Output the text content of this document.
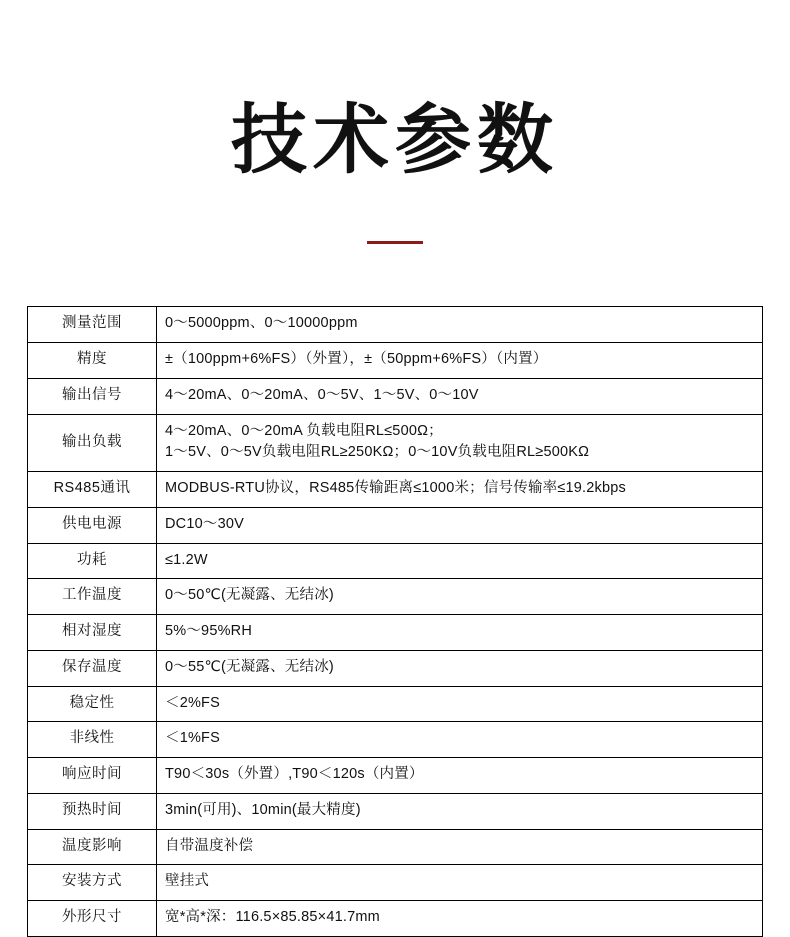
技术参数
测量范围	0～5000ppm、0～10000ppm

精度	±（100ppm+6%FS）（外置），±（50ppm+6%FS）（内置）

输出信号	4～20mA、0～20mA、0～5V、1～5V、0～10V

输出负载	4～20mA、0～20mA 负载电阻RL≤500Ω；
1～5V、0～5V负载电阻RL≥250KΩ；0～10V负载电阻RL≥500KΩ

RS485通讯	MODBUS-RTU协议，RS485传输距离≤1000米；信号传输率≤19.2kbps

供电电源	DC10～30V

功耗	≤1.2W

工作温度	0～50℃(无凝露、无结冰)

相对湿度	5%～95%RH

保存温度	0～55℃(无凝露、无结冰)

稳定性	＜2%FS

非线性	＜1%FS

响应时间	T90＜30s（外置）,T90＜120s（内置）

预热时间	3min(可用)、10min(最大精度)

温度影响	自带温度补偿

安装方式	壁挂式

外形尺寸	宽*高*深：116.5×85.85×41.7mm
